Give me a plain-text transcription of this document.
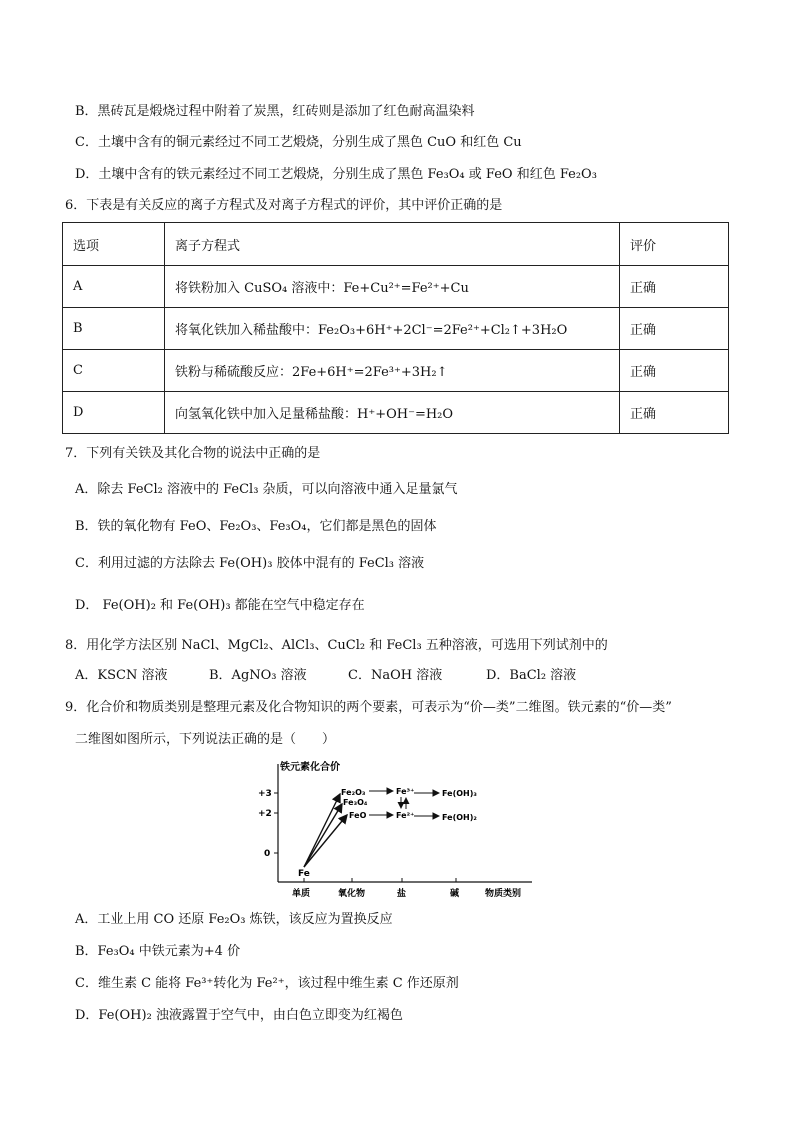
B．黑砖瓦是煅烧过程中附着了炭黑，红砖则是添加了红色耐高温染料
C．土壤中含有的铜元素经过不同工艺煅烧，分别生成了黑色 CuO 和红色 Cu
D．土壤中含有的铁元素经过不同工艺煅烧，分别生成了黑色 Fe₃O₄ 或 FeO 和红色 Fe₂O₃
6．下表是有关反应的离子方程式及对离子方程式的评价，其中评价正确的是
选项	离子方程式	评价
A	将铁粉加入 CuSO₄ 溶液中：Fe+Cu²⁺=Fe²⁺+Cu	正确
B	将氧化铁加入稀盐酸中：Fe₂O₃+6H⁺+2Cl⁻=2Fe²⁺+Cl₂↑+3H₂O	正确
C	铁粉与稀硫酸反应：2Fe+6H⁺=2Fe³⁺+3H₂↑	正确
D	向氢氧化铁中加入足量稀盐酸：H⁺+OH⁻=H₂O	正确
7．下列有关铁及其化合物的说法中正确的是
A．除去 FeCl₂ 溶液中的 FeCl₃ 杂质，可以向溶液中通入足量氯气
B．铁的氧化物有 FeO、Fe₂O₃、Fe₃O₄，它们都是黑色的固体
C．利用过滤的方法除去 Fe(OH)₃ 胶体中混有的 FeCl₃ 溶液
D． Fe(OH)₂ 和 Fe(OH)₃ 都能在空气中稳定存在
8．用化学方法区别 NaCl、MgCl₂、AlCl₃、CuCl₂ 和 FeCl₃ 五种溶液，可选用下列试剂中的
A．KSCN 溶液	B．AgNO₃ 溶液	C．NaOH 溶液	D．BaCl₂ 溶液
9．化合价和物质类别是整理元素及化合物知识的两个要素，可表示为“价—类”二维图。铁元素的“价—类”
二维图如图所示，下列说法正确的是（　　）
铁元素化合价
+3
+2
0
单质	氧化物	盐	碱	物质类别
Fe
Fe₂O₃
Fe₃O₄
FeO
Fe³⁺
Fe²⁺
Fe(OH)₃
Fe(OH)₂
A．工业上用 CO 还原 Fe₂O₃ 炼铁，该反应为置换反应
B．Fe₃O₄ 中铁元素为+4 价
C．维生素 C 能将 Fe³⁺转化为 Fe²⁺，该过程中维生素 C 作还原剂
D．Fe(OH)₂ 浊液露置于空气中，由白色立即变为红褐色
